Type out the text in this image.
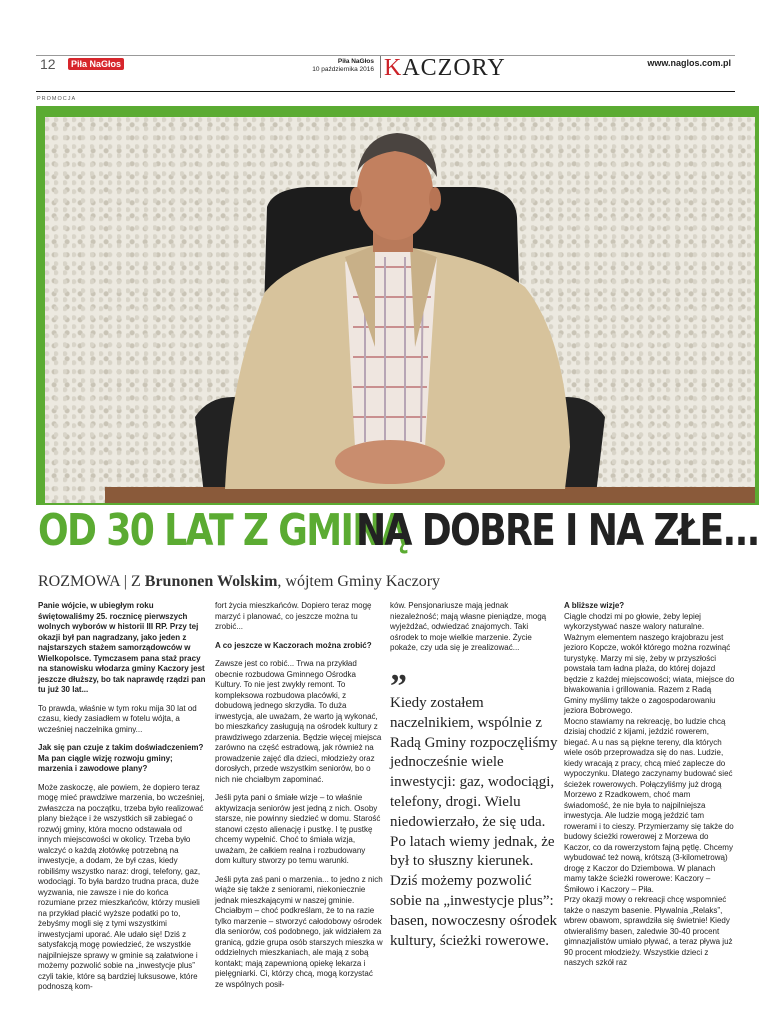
12	Piła NaGłos	Piła NaGłos
10 października 2016 KACZORY	www.naglos.com.pl
PROMOCJA
OD 30 LAT Z GMINĄ
NA DOBRE I NA ZŁE...
ROZMOWA | Z Brunonen Wolskim, wójtem Gminy Kaczory

Panie wójcie, w ubiegłym roku świętowaliśmy 25. rocznicę pierwszych wolnych wyborów w historii III RP. Przy tej okazji był pan nagradzany, jako jeden z najstarszych stażem samorządowców w Wielkopolsce. Tymczasem pana staż pracy na stanowisku włodarza gminy Kaczory jest jeszcze dłuższy, bo tak naprawdę rządzi pan tu już 30 lat...

To prawda, właśnie w tym roku mija 30 lat od czasu, kiedy zasiadłem w fotelu wójta, a wcześniej naczelnika gminy...

Jak się pan czuje z takim doświadczeniem? Ma pan ciągle wizję rozwoju gminy; marzenia i zawodowe plany?

Może zaskoczę, ale powiem, że dopiero teraz mogę mieć prawdziwe marzenia, bo wcześniej, zwłaszcza na początku, trzeba było realizować plany bieżące i że wszystkich sił zabiegać o rozwój gminy, która mocno odstawała od innych miejscowości w okolicy. Trzeba było walczyć o każdą złotówkę potrzebną na inwestycje, a dodam, że był czas, kiedy robiliśmy wszystko naraz: drogi, telefony, gaz, wodociągi. To była bardzo trudna praca, duże wyzwania, nie zawsze i nie do końca rozumiane przez mieszkańców, którzy musieli na przykład płacić wyższe podatki po to, żebyśmy mogli się z tymi wszystkimi inwestycjami uporać. Ale udało się! Dziś z satysfakcją mogę powiedzieć, że wszystkie najpilniejsze sprawy w gminie są załatwione i możemy pozwolić sobie na „inwestycje plus” czyli takie, które są bardziej luksusowe, które podnoszą kom-

fort życia mieszkańców. Dopiero teraz mogę marzyć i planować, co jeszcze można tu zrobić...

A co jeszcze w Kaczorach można zrobić?

Zawsze jest co robić... Trwa na przykład obecnie rozbudowa Gminnego Ośrodka Kultury. To nie jest zwykły remont. To kompleksowa rozbudowa placówki, z dobudową jednego skrzydła. To duża inwestycja, ale uważam, że warto ją wykonać, bo mieszkańcy zasługują na ośrodek kultury z prawdziwego zdarzenia. Będzie więcej miejsca zarówno na część estradową, jak również na prowadzenie zajęć dla dzieci, młodzieży oraz dorosłych, przede wszystkim seniorów, bo o nich nie chciałbym zapominać.

Jeśli pyta pani o śmiałe wizje – to właśnie aktywizacja seniorów jest jedną z nich. Osoby starsze, nie powinny siedzieć w domu. Starość stanowi często alienację i pustkę. I tę pustkę chcemy wypełnić. Choć to śmiała wizja, uważam, że całkiem realna i rozbudowany dom kultury stworzy po temu warunki.

Jeśli pyta zaś pani o marzenia... to jedno z nich wiąże się także z seniorami, niekoniecznie jednak mieszkającymi w naszej gminie. Chciałbym – choć podkreślam, że to na razie tylko marzenie – stworzyć całodobowy ośrodek dla seniorów, coś podobnego, jak widziałem za granicą, gdzie grupa osób starszych mieszka w oddzielnych mieszkaniach, ale mają z sobą kontakt; mają zapewnioną opiekę lekarza i pielęgniarki. Ci, którzy chcą, mogą korzystać ze wspólnych posił-

ków. Pensjonariusze mają jednak niezależność; mają własne pieniądze, mogą wyjeżdżać, odwiedzać znajomych. Taki ośrodek to moje wielkie marzenie. Życie pokaże, czy uda się je zrealizować...

”
Kiedy zostałem naczelnikiem, wspólnie z Radą Gminy rozpoczęliśmy jednocześnie wiele inwestycji: gaz, wodociągi, telefony, drogi. Wielu niedowierzało, że się uda. Po latach wiemy jednak, że był to słuszny kierunek. Dziś możemy pozwolić sobie na „inwestycje plus”: basen, nowoczesny ośrodek kultury, ścieżki rowerowe.

A bliższe wizje?

Ciągle chodzi mi po głowie, żeby lepiej wykorzystywać nasze walory naturalne. Ważnym elementem naszego krajobrazu jest jezioro Kopcze, wokół którego można rozwinąć turystykę. Marzy mi się, żeby w przyszłości powstała tam ładna plaża, do której dojazd będzie z każdej miejscowości; wiata, miejsce do biwakowania i grillowania. Razem z Radą Gminy myślimy także o zagospodarowaniu jeziora Bobrowego.

Mocno stawiamy na rekreację, bo ludzie chcą dzisiaj chodzić z kijami, jeździć rowerem, biegać. A u nas są piękne tereny, dla których wiele osób przeprowadza się do nas. Ludzie, kiedy wracają z pracy, chcą mieć zaplecze do wypoczynku. Dlatego zaczynamy budować sieć ścieżek rowerowych. Połączyliśmy już drogą Morzewo z Rzadkowem, choć mam świadomość, że nie była to najpilniejsza inwestycja. Ale ludzie mogą jeździć tam rowerami i to cieszy. Przymierzamy się także do budowy ścieżki rowerowej z Morzewa do Kaczor, co da rowerzystom fajną pętlę. Chcemy wybudować też nową, krótszą (3-kilometrową) drogę z Kaczor do Dziembowa. W planach mamy także ścieżki rowerowe: Kaczory – Śmiłowo i Kaczory – Piła.

Przy okazji mowy o rekreacji chcę wspomnieć także o naszym basenie. Pływalnia „Relaks”, wbrew obawom, sprawdziła się świetnie! Kiedy otwieraliśmy basen, zaledwie 30-40 procent gimnazjalistów umiało pływać, a teraz pływa już 90 procent młodzieży. Wszystkie dzieci z naszych szkół raz
